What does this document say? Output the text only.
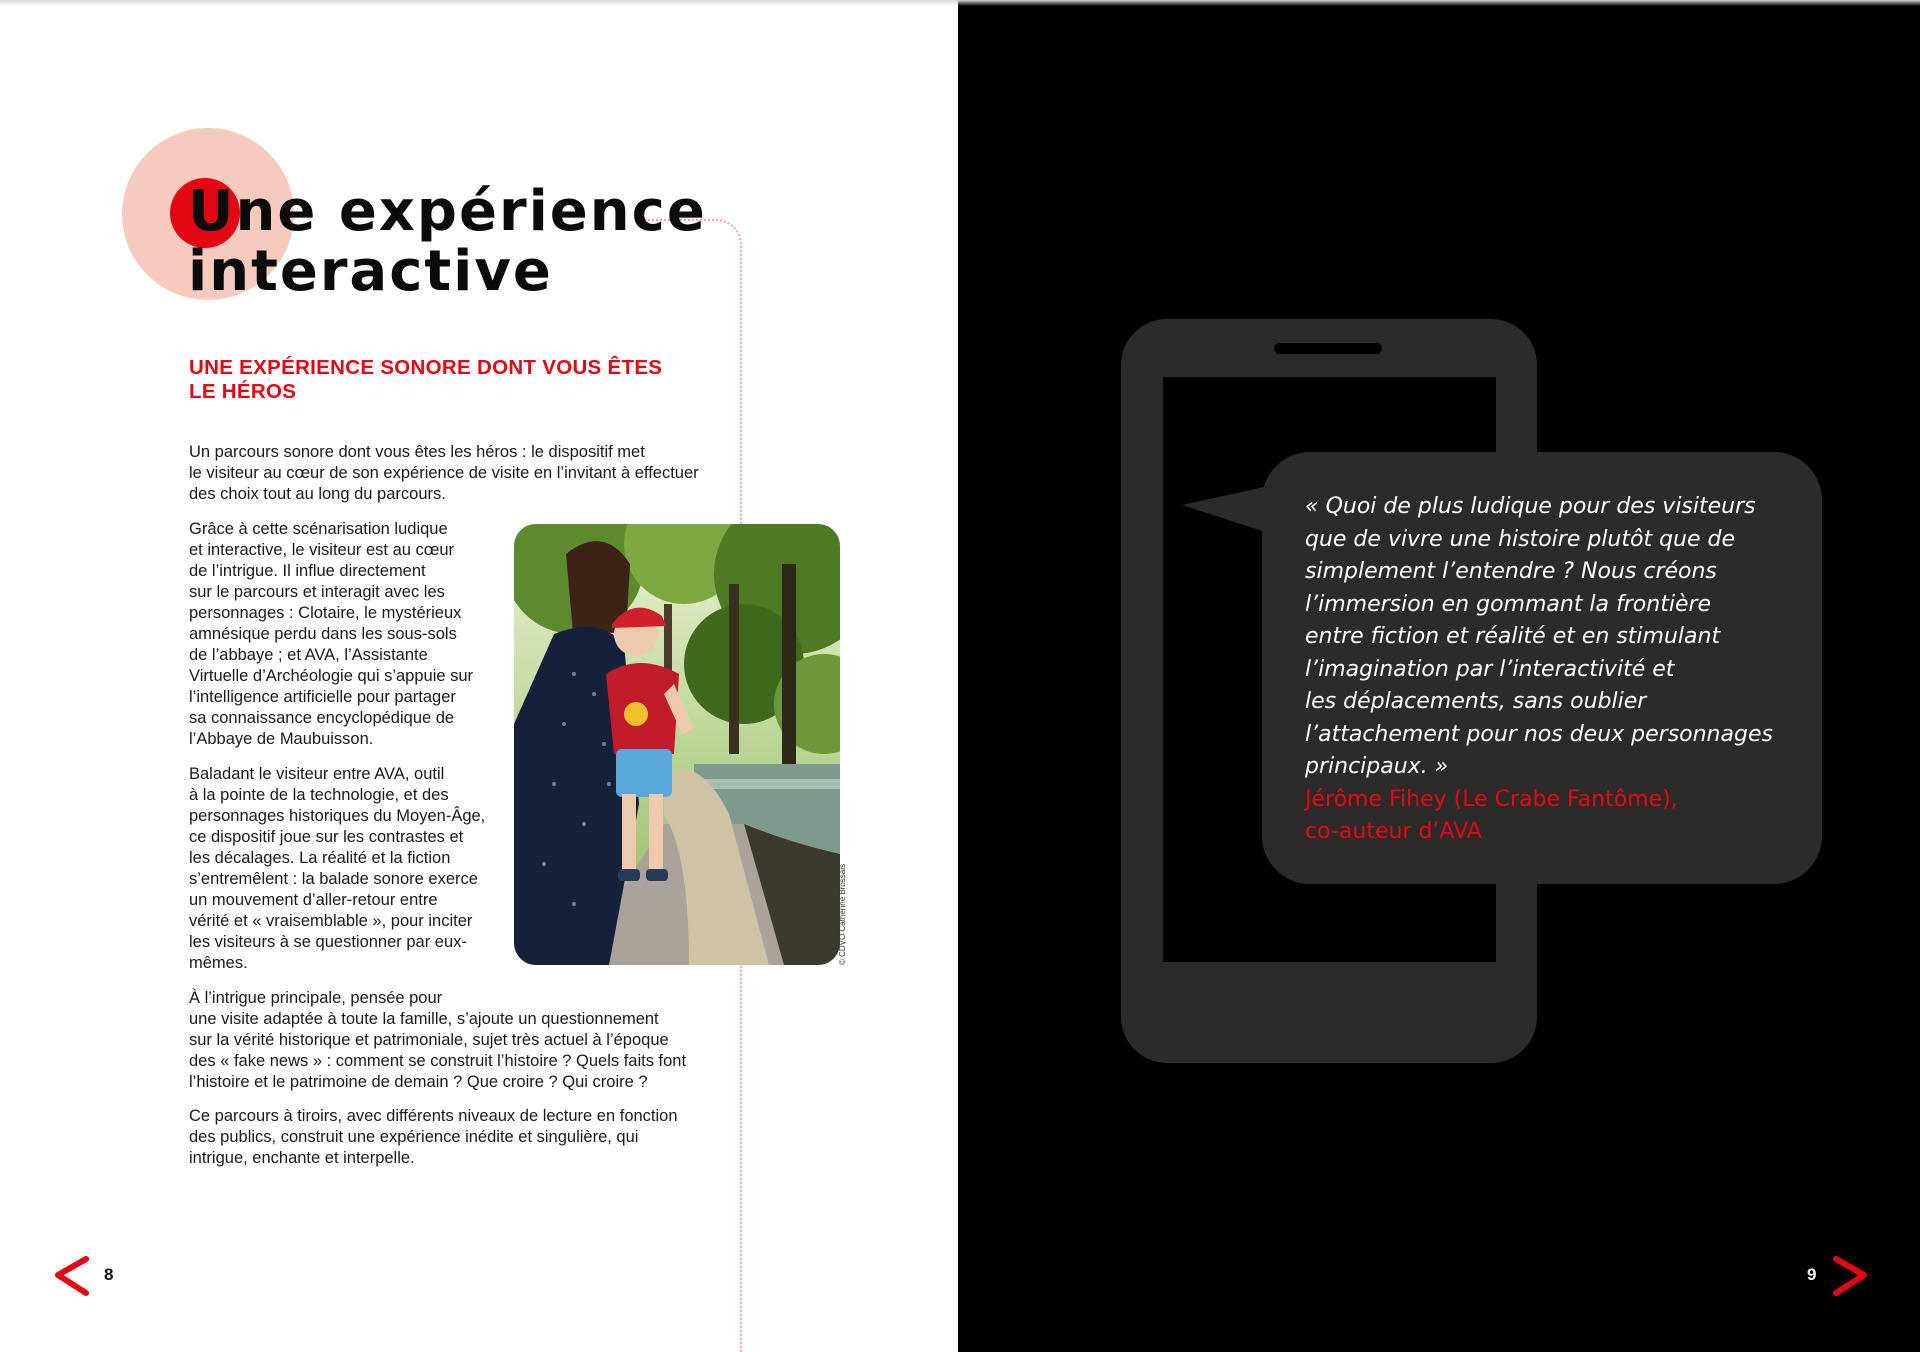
Une expérience
interactive
UNE EXPÉRIENCE SONORE DONT VOUS ÊTES
LE HÉROS

Un parcours sonore dont vous êtes les héros : le dispositif met
le visiteur au cœur de son expérience de visite en l’invitant à effectuer
des choix tout au long du parcours.

Grâce à cette scénarisation ludique
et interactive, le visiteur est au cœur
de l’intrigue. Il influe directement
sur le parcours et interagit avec les
personnages : Clotaire, le mystérieux
amnésique perdu dans les sous-sols
de l’abbaye ; et AVA, l’Assistante
Virtuelle d’Archéologie qui s’appuie sur
l’intelligence artificielle pour partager
sa connaissance encyclopédique de
l’Abbaye de Maubuisson.

Baladant le visiteur entre AVA, outil
à la pointe de la technologie, et des
personnages historiques du Moyen-Âge,
ce dispositif joue sur les contrastes et
les décalages. La réalité et la fiction
s’entremêlent : la balade sonore exerce
un mouvement d’aller-retour entre
vérité et « vraisemblable », pour inciter
les visiteurs à se questionner par eux-
mêmes.

À l’intrigue principale, pensée pour
une visite adaptée à toute la famille, s’ajoute un questionnement
sur la vérité historique et patrimoniale, sujet très actuel à l’époque
des « fake news » : comment se construit l’histoire ? Quels faits font
l’histoire et le patrimoine de demain ? Que croire ? Qui croire ?

Ce parcours à tiroirs, avec différents niveaux de lecture en fonction
des publics, construit une expérience inédite et singulière, qui
intrigue, enchante et interpelle.

© CDVO Catherine Brossais
8
« Quoi de plus ludique pour des visiteurs
que de vivre une histoire plutôt que de
simplement l’entendre ? Nous créons
l’immersion en gommant la frontière
entre fiction et réalité et en stimulant
l’imagination par l’interactivité et
les déplacements, sans oublier
l’attachement pour nos deux personnages
principaux. »
Jérôme Fihey (Le Crabe Fantôme),
co-auteur d’AVA
9
